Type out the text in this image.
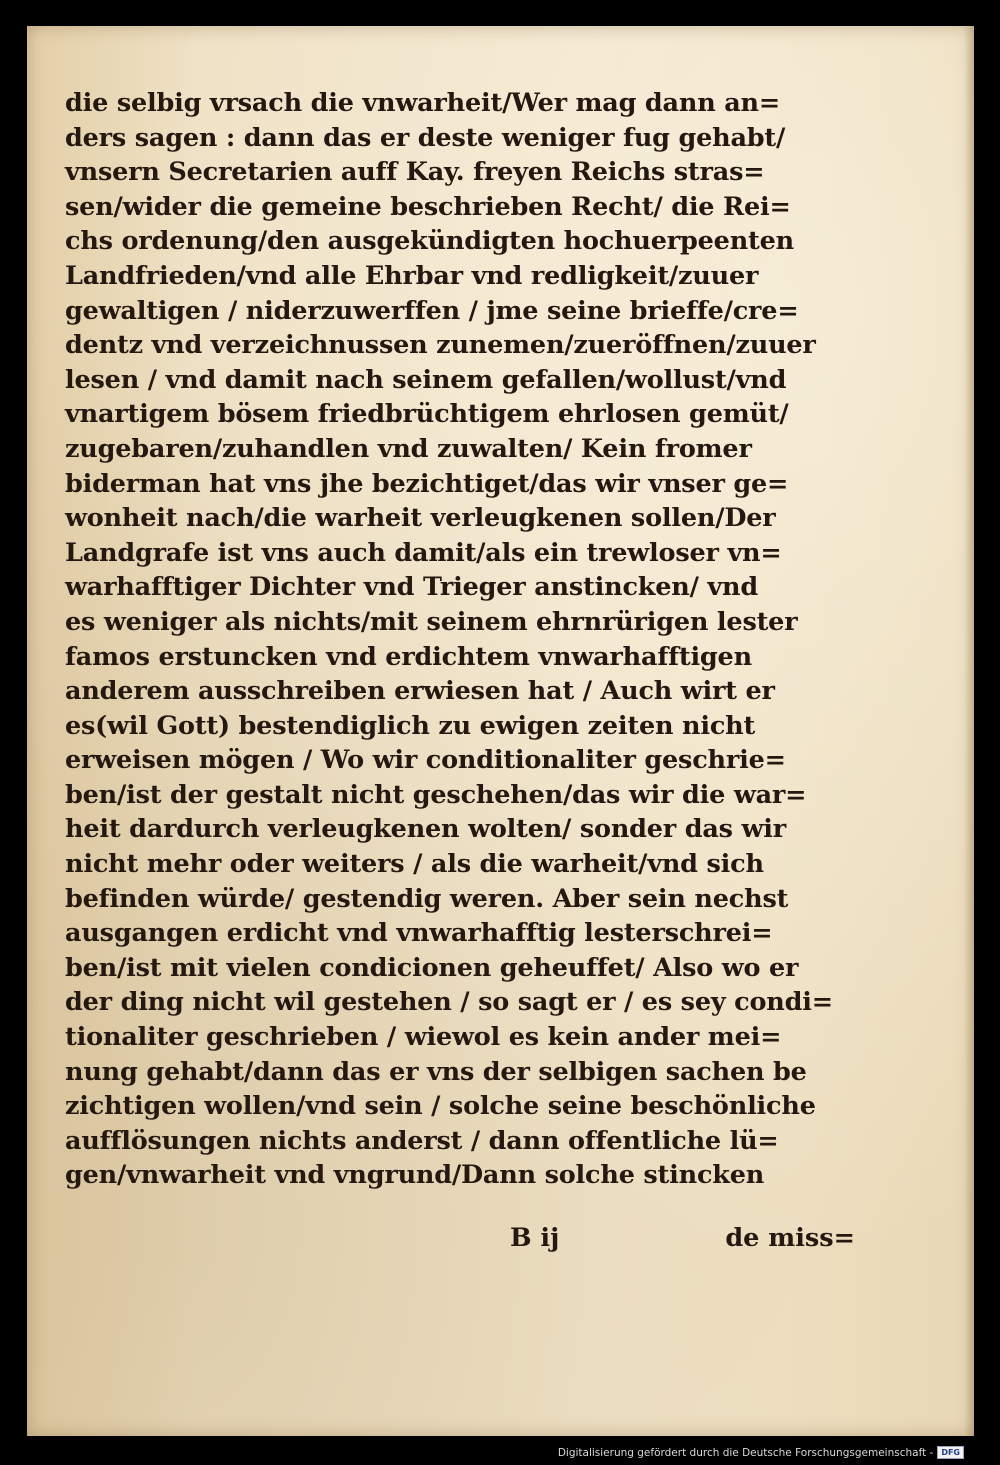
die selbig vrsach die vnwarheit/Wer mag dann an=
ders sagen : dann das er deste weniger fug gehabt/
vnsern Secretarien auff Kay. freyen Reichs stras=
sen/wider die gemeine beschrieben Recht/ die Rei=
chs ordenung/den ausgekündigten hochuerpeenten
Landfrieden/vnd alle Ehrbar vnd redligkeit/zuuer
gewaltigen / niderzuwerffen / jme seine brieffe/cre=
dentz vnd verzeichnussen zunemen/zueröffnen/zuuer
lesen / vnd damit nach seinem gefallen/wollust/vnd
vnartigem bösem friedbrüchtigem ehrlosen gemüt/
zugebaren/zuhandlen vnd zuwalten/ Kein fromer
biderman hat vns jhe bezichtiget/das wir vnser ge=
wonheit nach/die warheit verleugkenen sollen/Der
Landgrafe ist vns auch damit/als ein trewloser vn=
warhafftiger Dichter vnd Trieger anstincken/ vnd
es weniger als nichts/mit seinem ehrnrürigen lester
famos erstuncken vnd erdichtem vnwarhafftigen
anderem ausschreiben erwiesen hat / Auch wirt er
es(wil Gott) bestendiglich zu ewigen zeiten nicht
erweisen mögen / Wo wir conditionaliter geschrie=
ben/ist der gestalt nicht geschehen/das wir die war=
heit dardurch verleugkenen wolten/ sonder das wir
nicht mehr oder weiters / als die warheit/vnd sich
befinden würde/ gestendig weren. Aber sein nechst
ausgangen erdicht vnd vnwarhafftig lesterschrei=
ben/ist mit vielen condicionen geheuffet/ Also wo er
der ding nicht wil gestehen / so sagt er / es sey condi=
tionaliter geschrieben / wiewol es kein ander mei=
nung gehabt/dann das er vns der selbigen sachen be
zichtigen wollen/vnd sein / solche seine beschönliche
aufflösungen nichts anderst / dann offentliche lü=
gen/vnwarheit vnd vngrund/Dann solche stincken
B ij	de miss=
Digitalisierung gefördert durch die Deutsche Forschungsgemeinschaft -	DFG
